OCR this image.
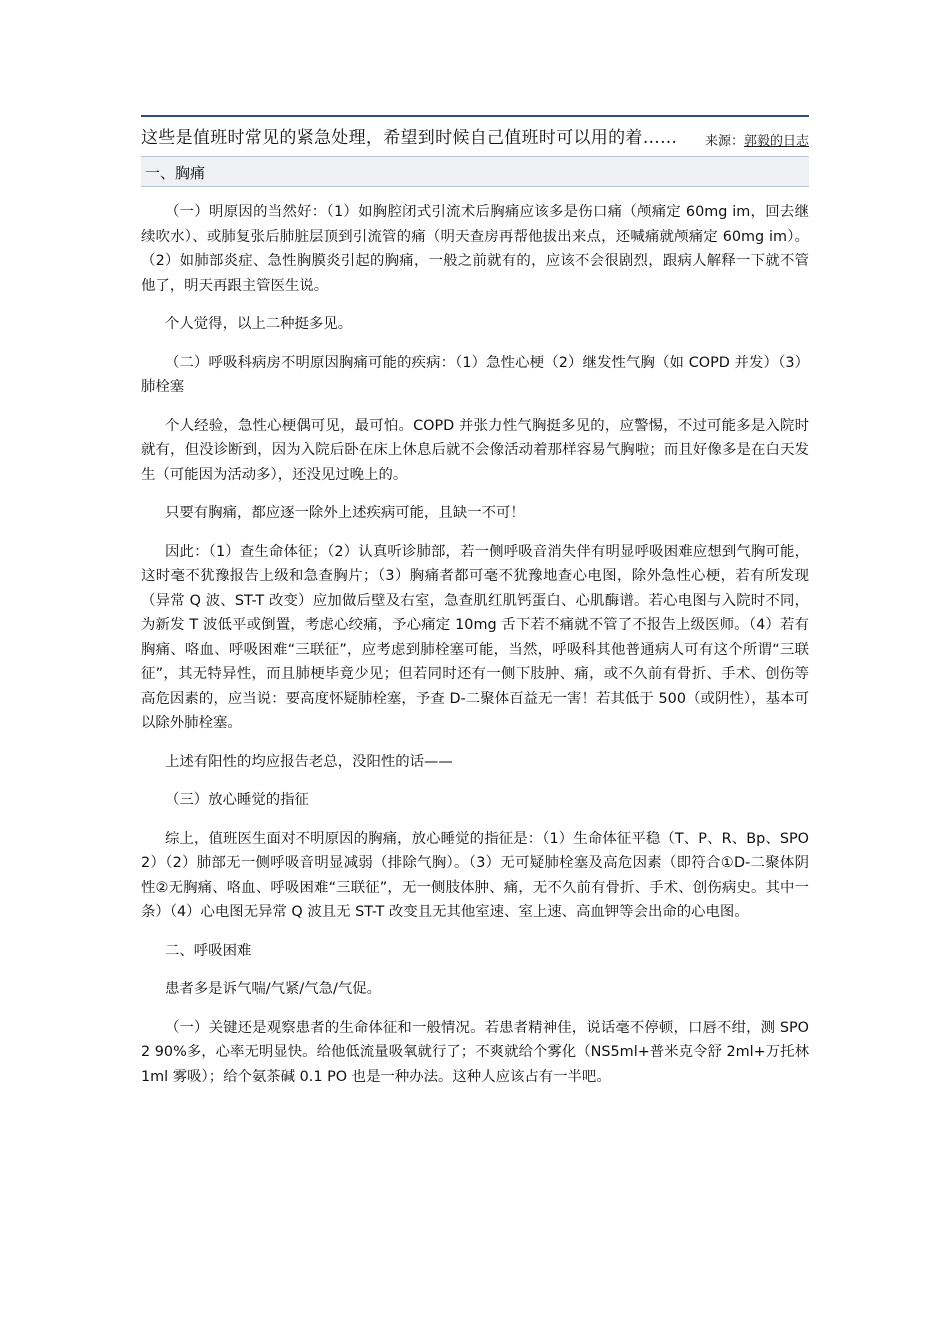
这些是值班时常见的紧急处理，希望到时候自己值班时可以用的着…… 来源：郭毅的日志
一、胸痛

（一）明原因的当然好：（1）如胸腔闭式引流术后胸痛应该多是伤口痛（颅痛定 60mg im，回去继续吹水）、或肺复张后肺脏层顶到引流管的痛（明天查房再帮他拔出来点，还喊痛就颅痛定 60mg im）。（2）如肺部炎症、急性胸膜炎引起的胸痛，一般之前就有的，应该不会很剧烈，跟病人解释一下就不管他了，明天再跟主管医生说。

个人觉得，以上二种挺多见。

（二）呼吸科病房不明原因胸痛可能的疾病：（1）急性心梗（2）继发性气胸（如 COPD 并发）（3）肺栓塞

个人经验，急性心梗偶可见，最可怕。COPD 并张力性气胸挺多见的，应警惕，不过可能多是入院时就有，但没诊断到，因为入院后卧在床上休息后就不会像活动着那样容易气胸啦；而且好像多是在白天发生（可能因为活动多），还没见过晚上的。

只要有胸痛，都应逐一除外上述疾病可能，且缺一不可！

因此：（1）查生命体征；（2）认真听诊肺部，若一侧呼吸音消失伴有明显呼吸困难应想到气胸可能，这时毫不犹豫报告上级和急查胸片；（3）胸痛者都可毫不犹豫地查心电图，除外急性心梗，若有所发现（异常 Q 波、ST-T 改变）应加做后壁及右室，急查肌红肌钙蛋白、心肌酶谱。若心电图与入院时不同，为新发 T 波低平或倒置，考虑心绞痛，予心痛定 10mg 舌下若不痛就不管了不报告上级医师。（4）若有胸痛、咯血、呼吸困难“三联征”，应考虑到肺栓塞可能，当然，呼吸科其他普通病人可有这个所谓“三联征”，其无特异性，而且肺梗毕竟少见；但若同时还有一侧下肢肿、痛，或不久前有骨折、手术、创伤等高危因素的，应当说：要高度怀疑肺栓塞，予查 D-二聚体百益无一害！若其低于 500（或阴性），基本可以除外肺栓塞。

上述有阳性的均应报告老总，没阳性的话——

（三）放心睡觉的指征

综上，值班医生面对不明原因的胸痛，放心睡觉的指征是：（1）生命体征平稳（T、P、R、Bp、SPO2）（2）肺部无一侧呼吸音明显减弱（排除气胸）。（3）无可疑肺栓塞及高危因素（即符合①D-二聚体阴性②无胸痛、咯血、呼吸困难“三联征”，无一侧肢体肿、痛，无不久前有骨折、手术、创伤病史。其中一条）（4）心电图无异常 Q 波且无 ST-T 改变且无其他室速、室上速、高血钾等会出命的心电图。

二、呼吸困难

患者多是诉气喘/气紧/气急/气促。

（一）关键还是观察患者的生命体征和一般情况。若患者精神佳，说话毫不停顿，口唇不绀，测 SPO2 90%多，心率无明显快。给他低流量吸氧就行了；不爽就给个雾化（NS5ml+普米克令舒 2ml+万托林 1ml 雾吸）；给个氨茶碱 0.1 PO 也是一种办法。这种人应该占有一半吧。
